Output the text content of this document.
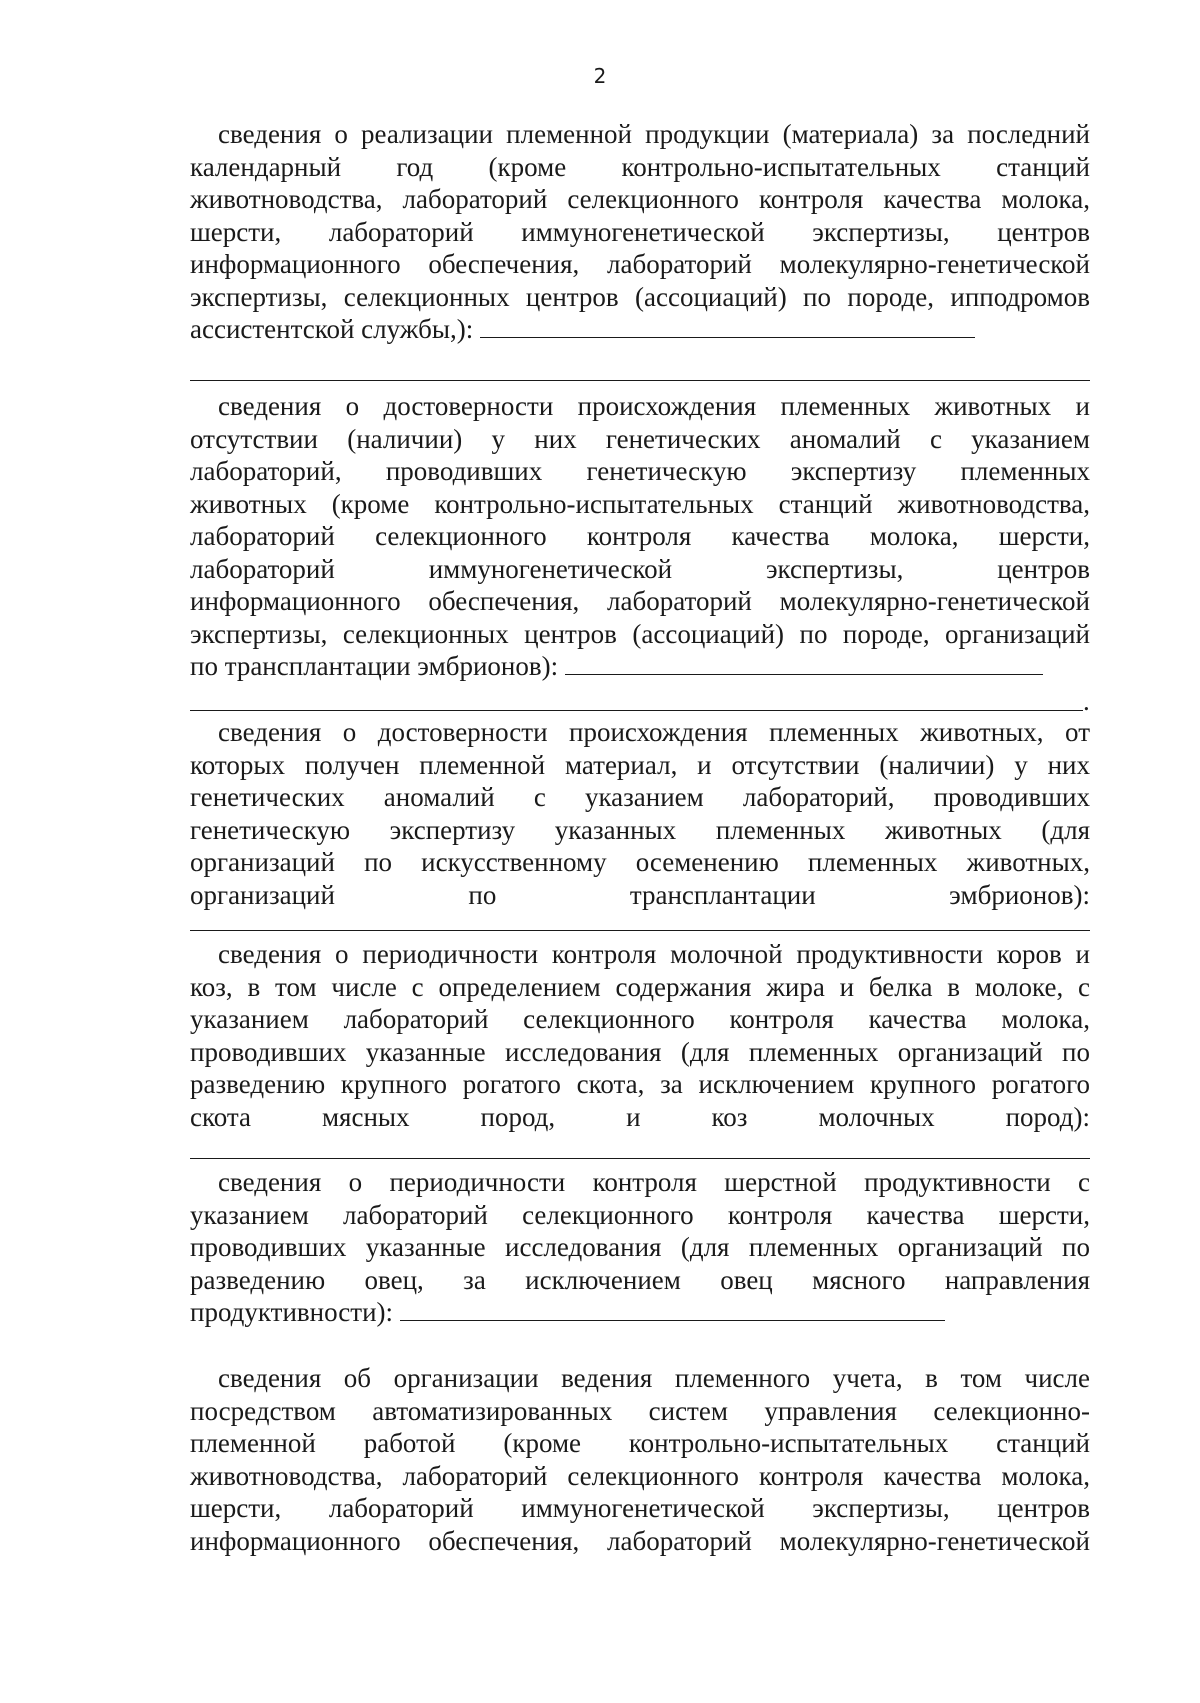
2
сведения о реализации племенной продукции (материала) за последний
календарный год (кроме контрольно-испытательных станций
животноводства, лабораторий селекционного контроля качества молока,
шерсти, лабораторий иммуногенетической экспертизы, центров
информационного обеспечения, лабораторий молекулярно-генетической
экспертизы, селекционных центров (ассоциаций) по породе, ипподромов
ассистентской службы,):
сведения о достоверности происхождения племенных животных и
отсутствии (наличии) у них генетических аномалий с указанием
лабораторий, проводивших генетическую экспертизу племенных
животных (кроме контрольно-испытательных станций животноводства,
лабораторий селекционного контроля качества молока, шерсти,
лабораторий иммуногенетической экспертизы, центров
информационного обеспечения, лабораторий молекулярно-генетической
экспертизы, селекционных центров (ассоциаций) по породе, организаций
по трансплантации эмбрионов):
.
сведения о достоверности происхождения племенных животных, от
которых получен племенной материал, и отсутствии (наличии) у них
генетических аномалий с указанием лабораторий, проводивших
генетическую экспертизу указанных племенных животных (для
организаций по искусственному осеменению племенных животных,
организаций по трансплантации эмбрионов):
сведения о периодичности контроля молочной продуктивности коров и
коз, в том числе с определением содержания жира и белка в молоке, с
указанием лабораторий селекционного контроля качества молока,
проводивших указанные исследования (для племенных организаций по
разведению крупного рогатого скота, за исключением крупного рогатого
скота мясных пород, и коз молочных пород):
сведения о периодичности контроля шерстной продуктивности с
указанием лабораторий селекционного контроля качества шерсти,
проводивших указанные исследования (для племенных организаций по
разведению овец, за исключением овец мясного направления
продуктивности):
сведения об организации ведения племенного учета, в том числе
посредством автоматизированных систем управления селекционно-
племенной работой (кроме контрольно-испытательных станций
животноводства, лабораторий селекционного контроля качества молока,
шерсти, лабораторий иммуногенетической экспертизы, центров
информационного обеспечения, лабораторий молекулярно-генетической
